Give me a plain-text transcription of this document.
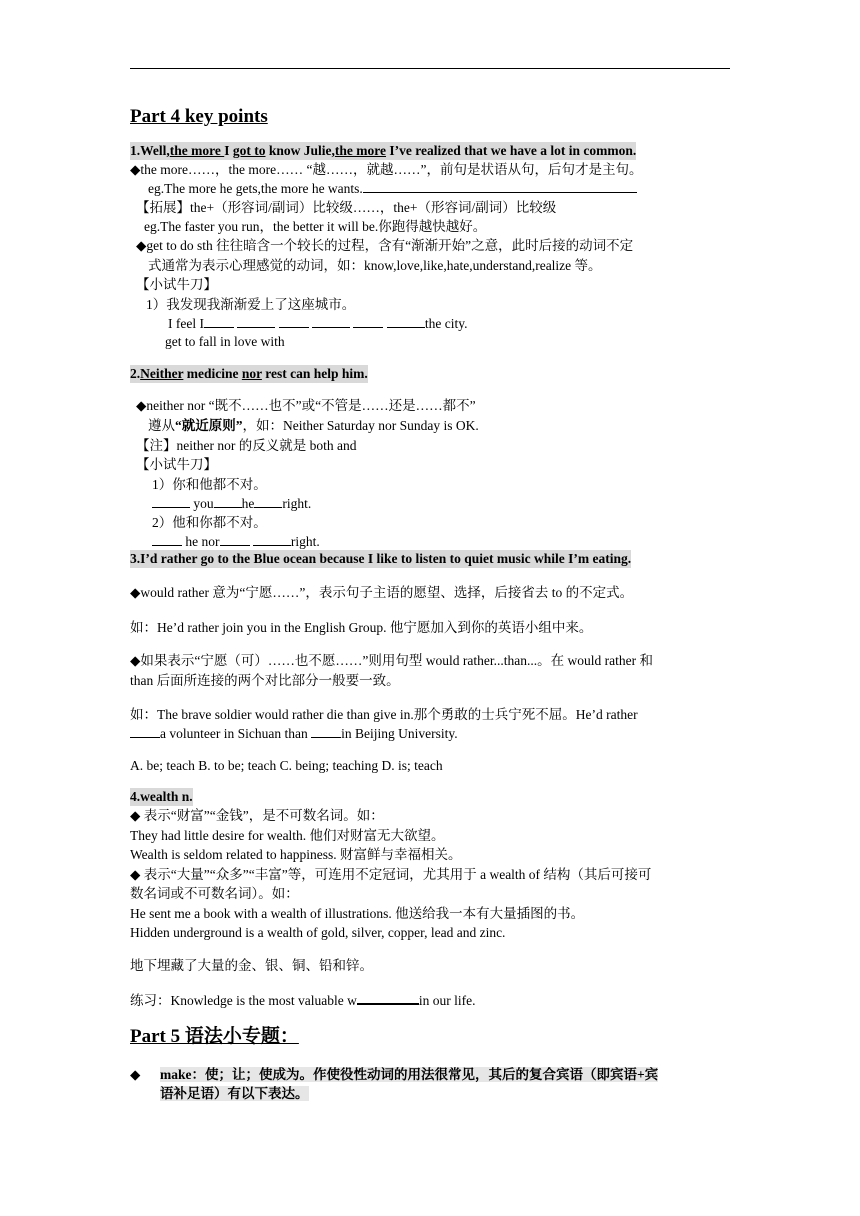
Part 4 key points
1.Well,the more I got to know Julie,the more I’ve realized that we have a lot in common.
◆the more……，the more…… “越……，就越……”，前句是状语从句，后句才是主句。
eg.The more he gets,the more he wants.
【拓展】the+（形容词/副词）比较级……，the+（形容词/副词）比较级
eg.The faster you run，the better it will be.你跑得越快越好。
◆get to do sth 往往暗含一个较长的过程，含有“渐渐开始”之意，此时后接的动词不定
式通常为表示心理感觉的动词，如：know,love,like,hate,understand,realize 等。
【小试牛刀】
1）我发现我渐渐爱上了这座城市。
I feel I	the city.
get to fall in love with
2.Neither medicine nor rest can help him.
◆neither nor “既不……也不”或“不管是……还是……都不”
遵从“就近原则”，如：Neither Saturday nor Sunday is OK.
【注】neither nor 的反义就是 both and
【小试牛刀】
1）你和他都不对。
you he right.
2）他和你都不对。
he nor	right.
3.I’d rather go to the Blue ocean because I like to listen to quiet music while I’m eating.
◆would rather 意为“宁愿……”，表示句子主语的愿望、选择，后接省去 to 的不定式。
如：He’d rather join you in the English Group. 他宁愿加入到你的英语小组中来。
◆如果表示“宁愿（可）……也不愿……”则用句型 would rather...than...。在 would rather 和
than 后面所连接的两个对比部分一般要一致。
如：The brave soldier would rather die than give in.那个勇敢的士兵宁死不屈。He’d rather
a volunteer in Sichuan than in Beijing University.
A. be; teach B. to be; teach C. being; teaching D. is; teach
4.wealth n.
◆ 表示“财富”“金钱”，是不可数名词。如：
They had little desire for wealth. 他们对财富无大欲望。
Wealth is seldom related to happiness. 财富鲜与幸福相关。
◆ 表示“大量”“众多”“丰富”等，可连用不定冠词，尤其用于 a wealth of 结构（其后可接可
数名词或不可数名词）。如：
He sent me a book with a wealth of illustrations. 他送给我一本有大量插图的书。
Hidden underground is a wealth of gold, silver, copper, lead and zinc.
地下埋藏了大量的金、银、铜、铅和锌。
练习：Knowledge is the most valuable w	in our life.
Part 5 语法小专题：
◆ make：使；让；使成为。作使役性动词的用法很常见，其后的复合宾语（即宾语+宾
语补足语）有以下表达。
